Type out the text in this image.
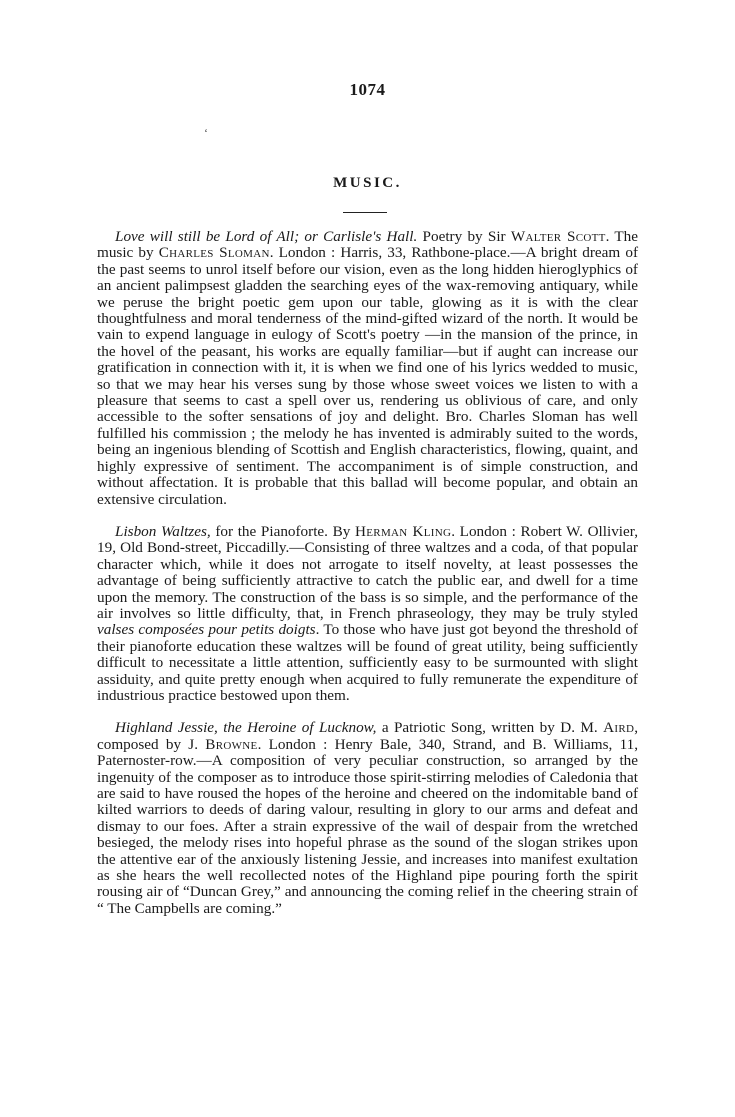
1074
‘
MUSIC.

Love will still be Lord of All; or Carlisle's Hall. Poetry by Sir Walter Scott. The music by Charles Sloman. London : Harris, 33, Rathbone-place.—A bright dream of the past seems to unrol itself before our vision, even as the long hidden hieroglyphics of an ancient palimpsest gladden the searching eyes of the wax-removing antiquary, while we peruse the bright poetic gem upon our table, glowing as it is with the clear thoughtfulness and moral tenderness of the mind-gifted wizard of the north. It would be vain to expend language in eulogy of Scott's poetry —in the mansion of the prince, in the hovel of the peasant, his works are equally familiar—but if aught can increase our gratification in connection with it, it is when we find one of his lyrics wedded to music, so that we may hear his verses sung by those whose sweet voices we listen to with a pleasure that seems to cast a spell over us, rendering us oblivious of care, and only accessible to the softer sensations of joy and delight. Bro. Charles Sloman has well fulfilled his commission ; the melody he has invented is admirably suited to the words, being an ingenious blending of Scottish and English characteristics, flowing, quaint, and highly expressive of sentiment. The accompaniment is of simple construction, and without affectation. It is probable that this ballad will become popular, and obtain an extensive circulation.

Lisbon Waltzes, for the Pianoforte. By Herman Kling. London : Robert W. Ollivier, 19, Old Bond-street, Piccadilly.—Consisting of three waltzes and a coda, of that popular character which, while it does not arrogate to itself novelty, at least possesses the advantage of being sufficiently attractive to catch the public ear, and dwell for a time upon the memory. The construction of the bass is so simple, and the performance of the air involves so little difficulty, that, in French phraseology, they may be truly styled valses composées pour petits doigts. To those who have just got beyond the threshold of their pianoforte education these waltzes will be found of great utility, being sufficiently difficult to necessitate a little attention, sufficiently easy to be surmounted with slight assiduity, and quite pretty enough when acquired to fully remunerate the expenditure of industrious practice bestowed upon them.

Highland Jessie, the Heroine of Lucknow, a Patriotic Song, written by D. M. Aird, composed by J. Browne. London : Henry Bale, 340, Strand, and B. Williams, 11, Paternoster-row.—A composition of very peculiar construction, so arranged by the ingenuity of the composer as to introduce those spirit-stirring melodies of Caledonia that are said to have roused the hopes of the heroine and cheered on the indomitable band of kilted warriors to deeds of daring valour, resulting in glory to our arms and defeat and dismay to our foes. After a strain expressive of the wail of despair from the wretched besieged, the melody rises into hopeful phrase as the sound of the slogan strikes upon the attentive ear of the anxiously listening Jessie, and increases into manifest exultation as she hears the well recollected notes of the Highland pipe pouring forth the spirit rousing air of “Duncan Grey,” and announcing the coming relief in the cheering strain of “ The Campbells are coming.”
